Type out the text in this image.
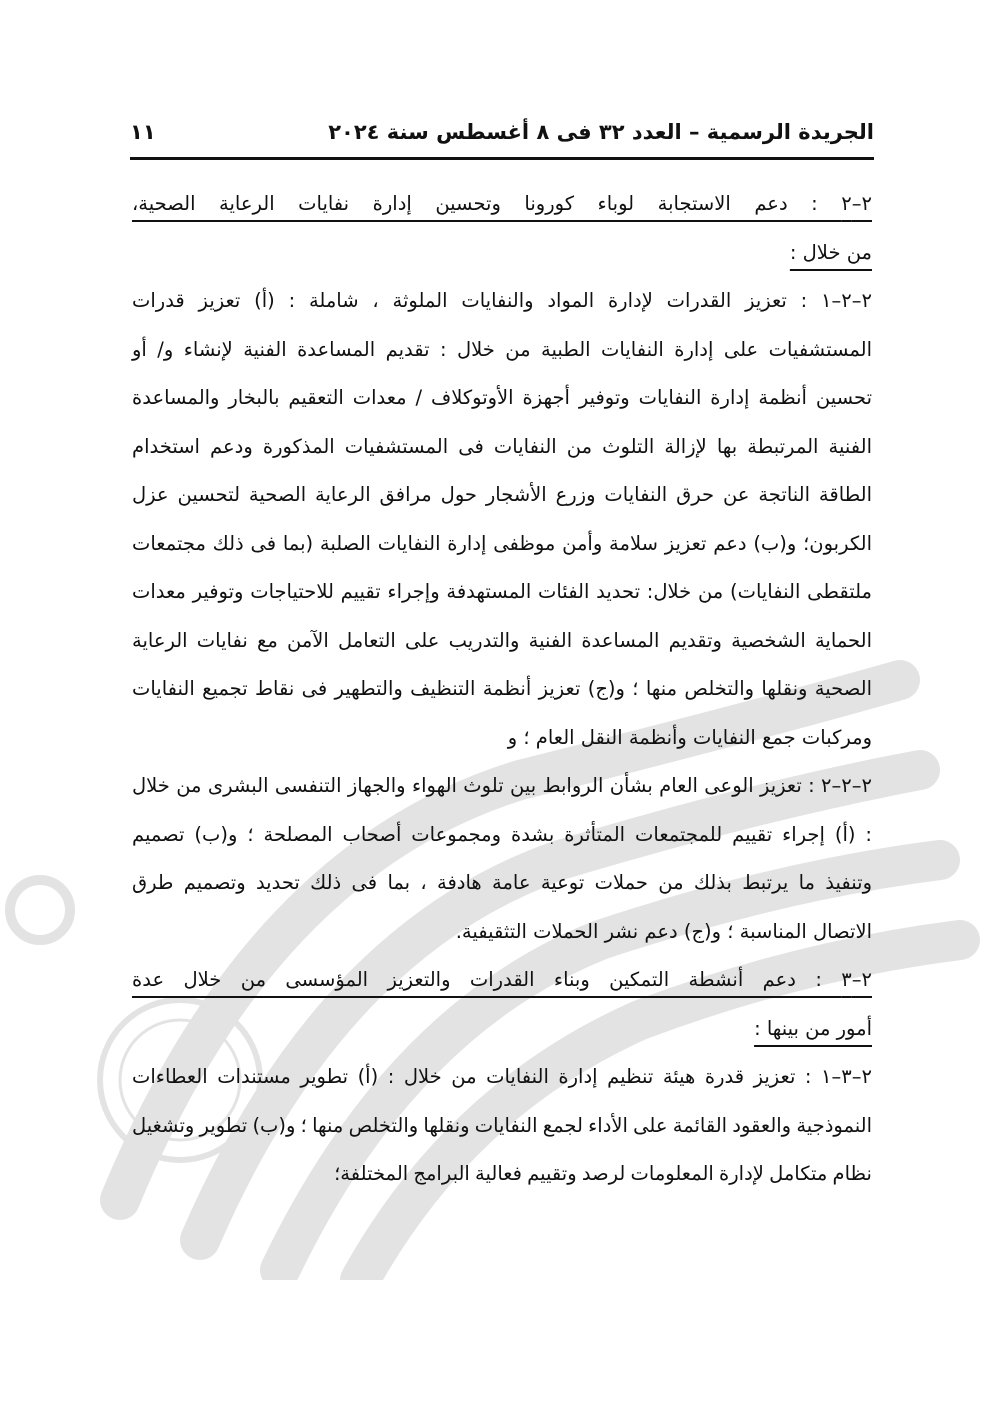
الجريدة الرسمية – العدد ٣٢ فى ٨ أغسطس سنة ٢٠٢٤
١١

٢–٢ : دعم الاستجابة لوباء كورونا وتحسين إدارة نفايات الرعاية الصحية،

من خلال :

٢–٢–١ : تعزيز القدرات لإدارة المواد والنفايات الملوثة ، شاملة : (أ) تعزيز قدرات المستشفيات على إدارة النفايات الطبية من خلال : تقديم المساعدة الفنية لإنشاء و/ أو تحسين أنظمة إدارة النفايات وتوفير أجهزة الأوتوكلاف / معدات التعقيم بالبخار والمساعدة الفنية المرتبطة بها لإزالة التلوث من النفايات فى المستشفيات المذكورة ودعم استخدام الطاقة الناتجة عن حرق النفايات وزرع الأشجار حول مرافق الرعاية الصحية لتحسين عزل الكربون؛ و(ب) دعم تعزيز سلامة وأمن موظفى إدارة النفايات الصلبة (بما فى ذلك مجتمعات ملتقطى النفايات) من خلال: تحديد الفئات المستهدفة وإجراء تقييم للاحتياجات وتوفير معدات الحماية الشخصية وتقديم المساعدة الفنية والتدريب على التعامل الآمن مع نفايات الرعاية الصحية ونقلها والتخلص منها ؛ و(ج) تعزيز أنظمة التنظيف والتطهير فى نقاط تجميع النفايات ومركبات جمع النفايات وأنظمة النقل العام ؛ و

٢–٢–٢ : تعزيز الوعى العام بشأن الروابط بين تلوث الهواء والجهاز التنفسى البشرى من خلال : (أ) إجراء تقييم للمجتمعات المتأثرة بشدة ومجموعات أصحاب المصلحة ؛ و(ب) تصميم وتنفيذ ما يرتبط بذلك من حملات توعية عامة هادفة ، بما فى ذلك تحديد وتصميم طرق الاتصال المناسبة ؛ و(ج) دعم نشر الحملات التثقيفية.

٢–٣ : دعم أنشطة التمكين وبناء القدرات والتعزيز المؤسسى من خلال عدة

أمور من بينها :

٢–٣–١ : تعزيز قدرة هيئة تنظيم إدارة النفايات من خلال : (أ) تطوير مستندات العطاءات النموذجية والعقود القائمة على الأداء لجمع النفايات ونقلها والتخلص منها ؛ و(ب) تطوير وتشغيل نظام متكامل لإدارة المعلومات لرصد وتقييم فعالية البرامج المختلفة؛
